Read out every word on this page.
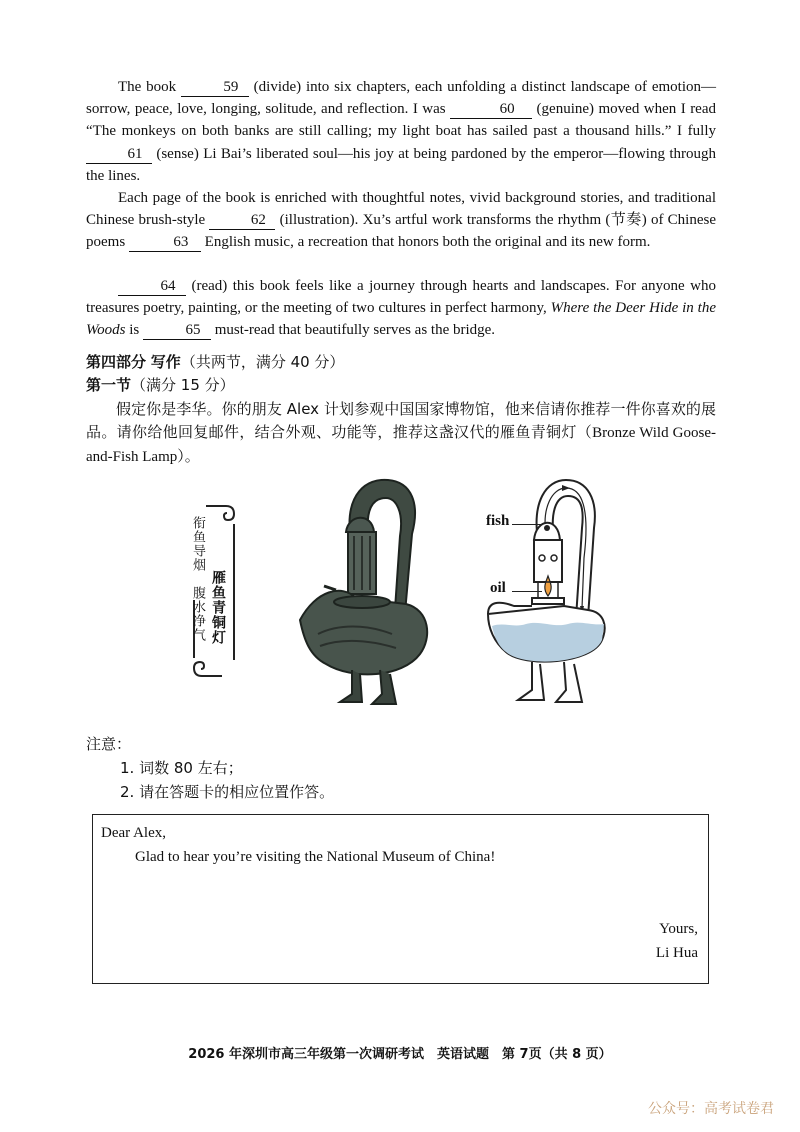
The book	59 (divide) into six chapters, each unfolding a distinct landscape of emotion—sorrow, peace, love, longing, solitude, and reflection. I was	60 (genuine) moved when I read “The monkeys on both banks are still calling; my light boat has sailed past a thousand hills.” I fully 61 (sense) Li Bai’s liberated soul—his joy at being pardoned by the emperor—flowing through the lines.

Each page of the book is enriched with thoughtful notes, vivid background stories, and traditional Chinese brush-style	62 (illustration). Xu’s artful work transforms the rhythm (节奏) of Chinese poems	63 English music, a recreation that honors both the original and its new form.

64 (read) this book feels like a journey through hearts and landscapes. For anyone who treasures poetry, painting, or the meeting of two cultures in perfect harmony, Where the Deer Hide in the Woods is	65 must-read that beautifully serves as the bridge.

第四部分 写作（共两节，满分 40 分）

第一节（满分 15 分）

假定你是李华。你的朋友 Alex 计划参观中国国家博物馆，他来信请你推荐一件你喜欢的展品。请你给他回复邮件，结合外观、功能等，推荐这盏汉代的雁鱼青铜灯（Bronze Wild Goose-and-Fish Lamp）。

衔鱼导烟　腹水净气 雁鱼青铜灯
fish
oil
注意：
1. 词数 80 左右；
2. 请在答题卡的相应位置作答。
Dear Alex,
Glad to hear you’re visiting the National Museum of China!
Yours,
Li Hua
2026 年深圳市高三年级第一次调研考试　英语试题　第 7页（共 8 页）
公众号：高考试卷君
